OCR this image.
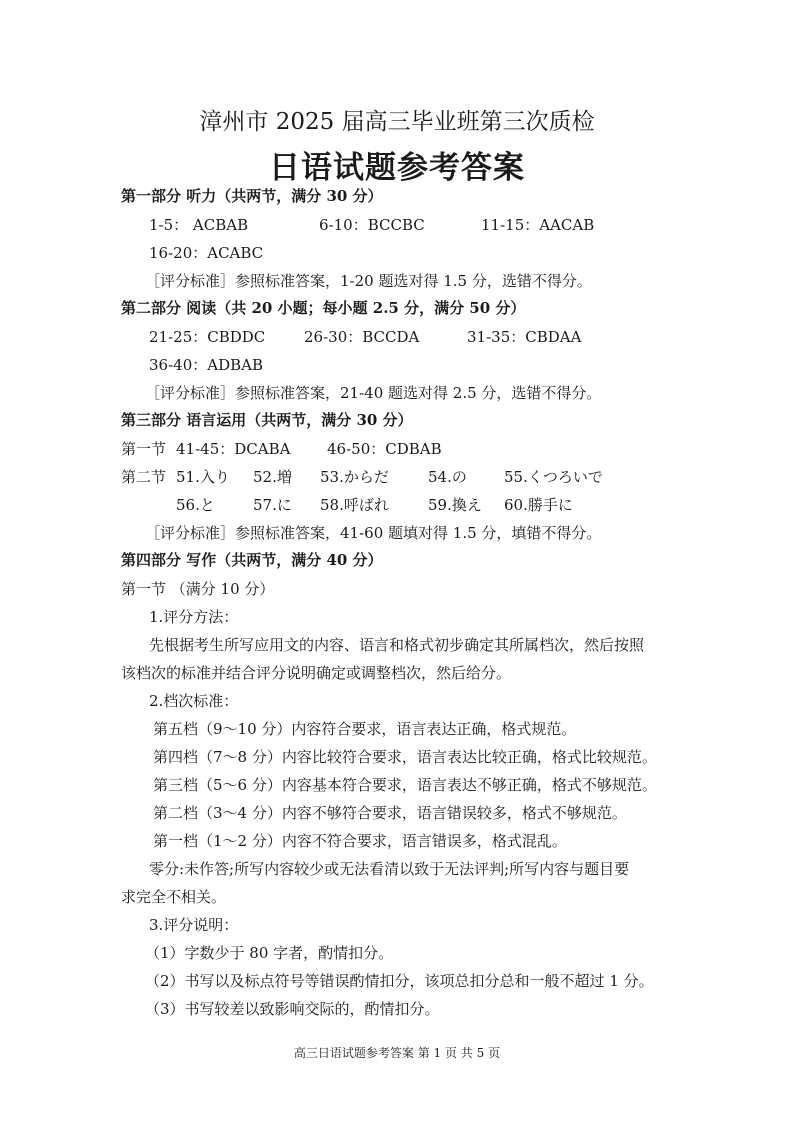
漳州市 2025 届高三毕业班第三次质检
日语试题参考答案
第一部分 听力（共两节，满分 30 分）
1-5： ACBAB	6-10：BCCBC	11-15：AACAB
16-20：ACABC
［评分标准］参照标准答案，1-20 题选对得 1.5 分，选错不得分。
第二部分 阅读（共 20 小题；每小题 2.5 分，满分 50 分）
21-25：CBDDC	26-30：BCCDA	31-35：CBDAA
36-40：ADBAB
［评分标准］参照标准答案，21-40 题选对得 2.5 分，选错不得分。
第三部分 语言运用（共两节，满分 30 分）
第一节 41-45：DCABA 46-50：CDBAB
第二节 51.入り 52.増 53.からだ	54.の 55.くつろいで
56.と	57.に 58.呼ばれ	59.換え 60.勝手に
［评分标准］参照标准答案，41-60 题填对得 1.5 分，填错不得分。
第四部分 写作（共两节，满分 40 分）
第一节 （满分 10 分）
1.评分方法：
先根据考生所写应用文的内容、语言和格式初步确定其所属档次，然后按照
该档次的标准并结合评分说明确定或调整档次，然后给分。
2.档次标准：
第五档（9～10 分）内容符合要求，语言表达正确，格式规范。
第四档（7～8 分）内容比较符合要求，语言表达比较正确，格式比较规范。
第三档（5～6 分）内容基本符合要求，语言表达不够正确，格式不够规范。
第二档（3～4 分）内容不够符合要求，语言错误较多，格式不够规范。
第一档（1～2 分）内容不符合要求，语言错误多，格式混乱。
零分:未作答;所写内容较少或无法看清以致于无法评判;所写内容与题目要
求完全不相关。
3.评分说明：
（1）字数少于 80 字者，酌情扣分。
（2）书写以及标点符号等错误酌情扣分，该项总扣分总和一般不超过 1 分。
（3）书写较差以致影响交际的，酌情扣分。
高三日语试题参考答案 第 1 页 共 5 页
